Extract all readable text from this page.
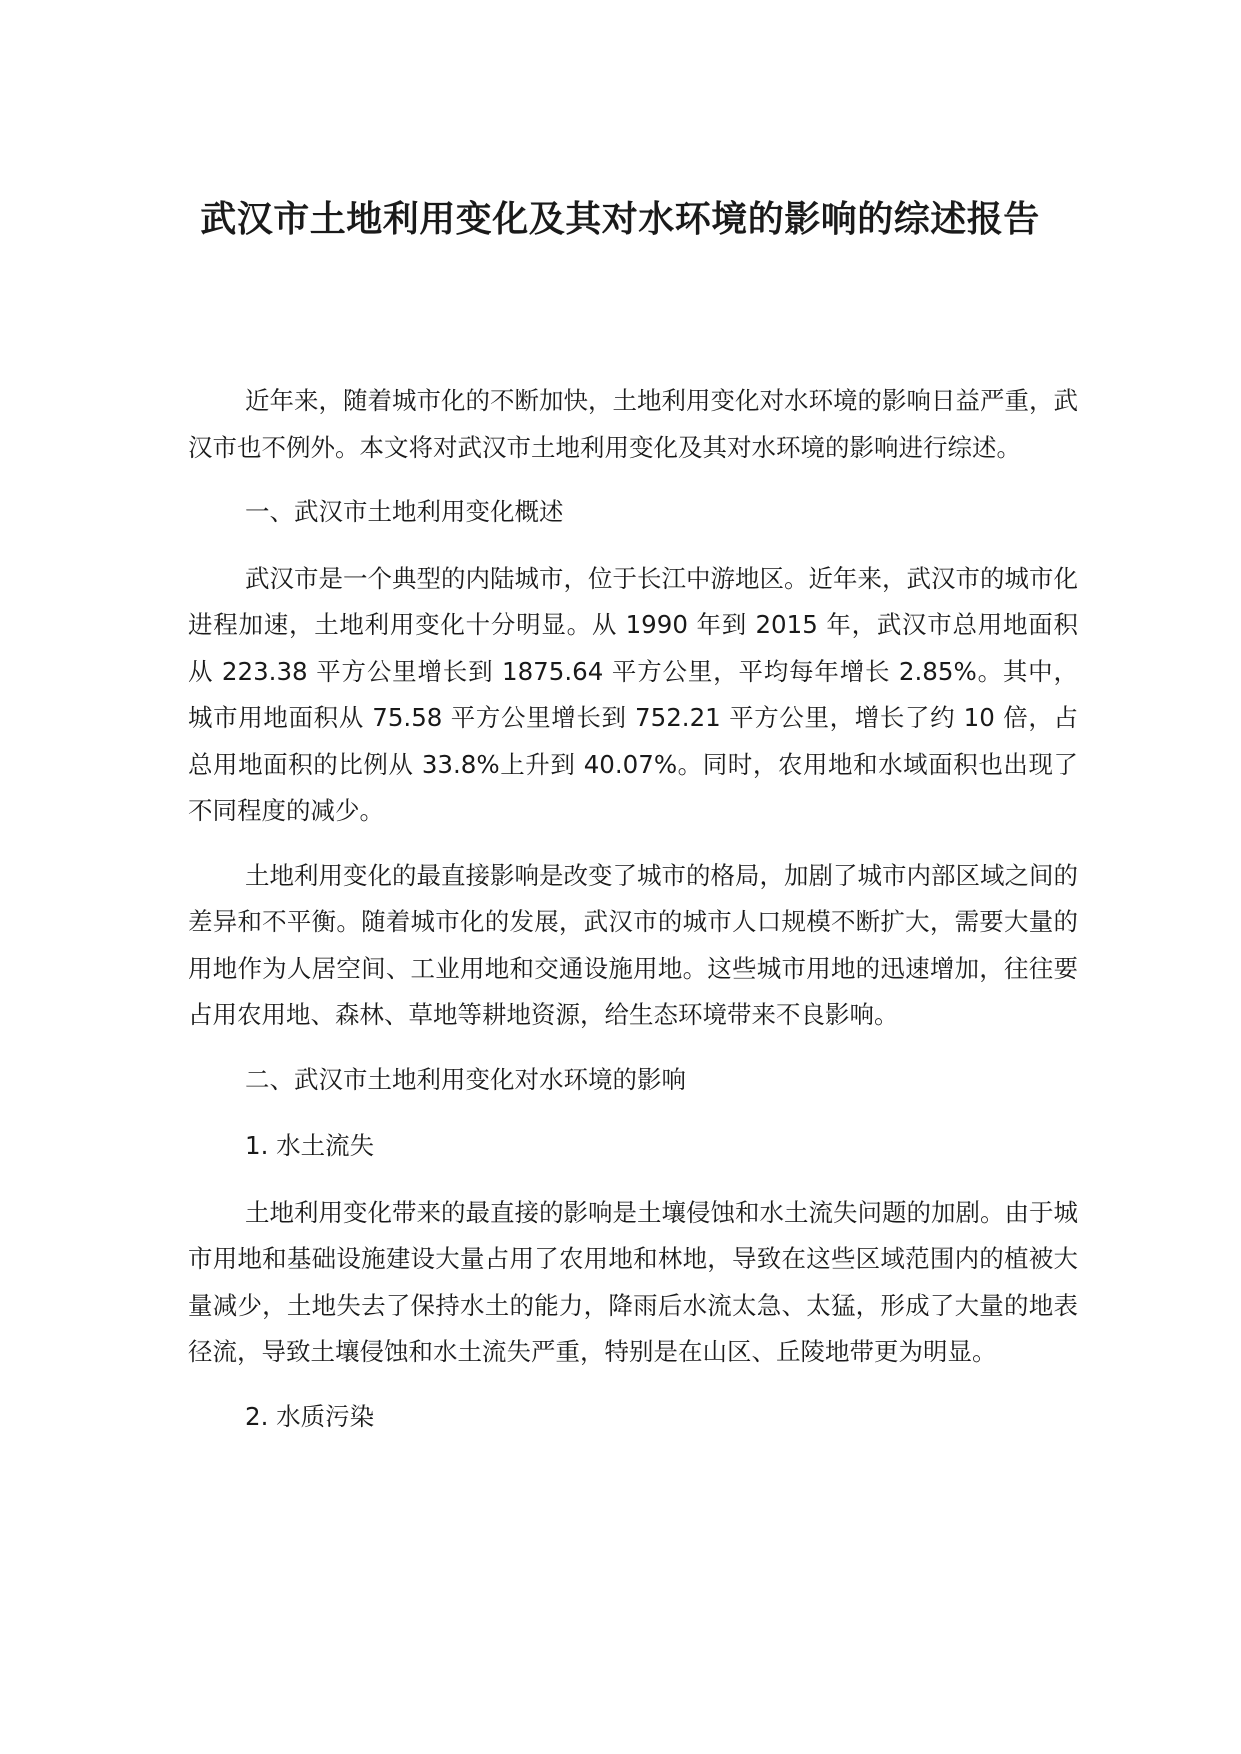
武汉市土地利用变化及其对水环境的影响的综述报告

近年来，随着城市化的不断加快，土地利用变化对水环境的影响日益严重，武汉市也不例外。本文将对武汉市土地利用变化及其对水环境的影响进行综述。

一、武汉市土地利用变化概述

武汉市是一个典型的内陆城市，位于长江中游地区。近年来，武汉市的城市化进程加速，土地利用变化十分明显。从 1990 年到 2015 年，武汉市总用地面积从 223.38 平方公里增长到 1875.64 平方公里，平均每年增长 2.85%。其中，城市用地面积从 75.58 平方公里增长到 752.21 平方公里，增长了约 10 倍，占总用地面积的比例从 33.8%上升到 40.07%。同时，农用地和水域面积也出现了不同程度的减少。

土地利用变化的最直接影响是改变了城市的格局，加剧了城市内部区域之间的差异和不平衡。随着城市化的发展，武汉市的城市人口规模不断扩大，需要大量的用地作为人居空间、工业用地和交通设施用地。这些城市用地的迅速增加，往往要占用农用地、森林、草地等耕地资源，给生态环境带来不良影响。

二、武汉市土地利用变化对水环境的影响

1. 水土流失

土地利用变化带来的最直接的影响是土壤侵蚀和水土流失问题的加剧。由于城市用地和基础设施建设大量占用了农用地和林地，导致在这些区域范围内的植被大量减少，土地失去了保持水土的能力，降雨后水流太急、太猛，形成了大量的地表径流，导致土壤侵蚀和水土流失严重，特别是在山区、丘陵地带更为明显。

2. 水质污染
